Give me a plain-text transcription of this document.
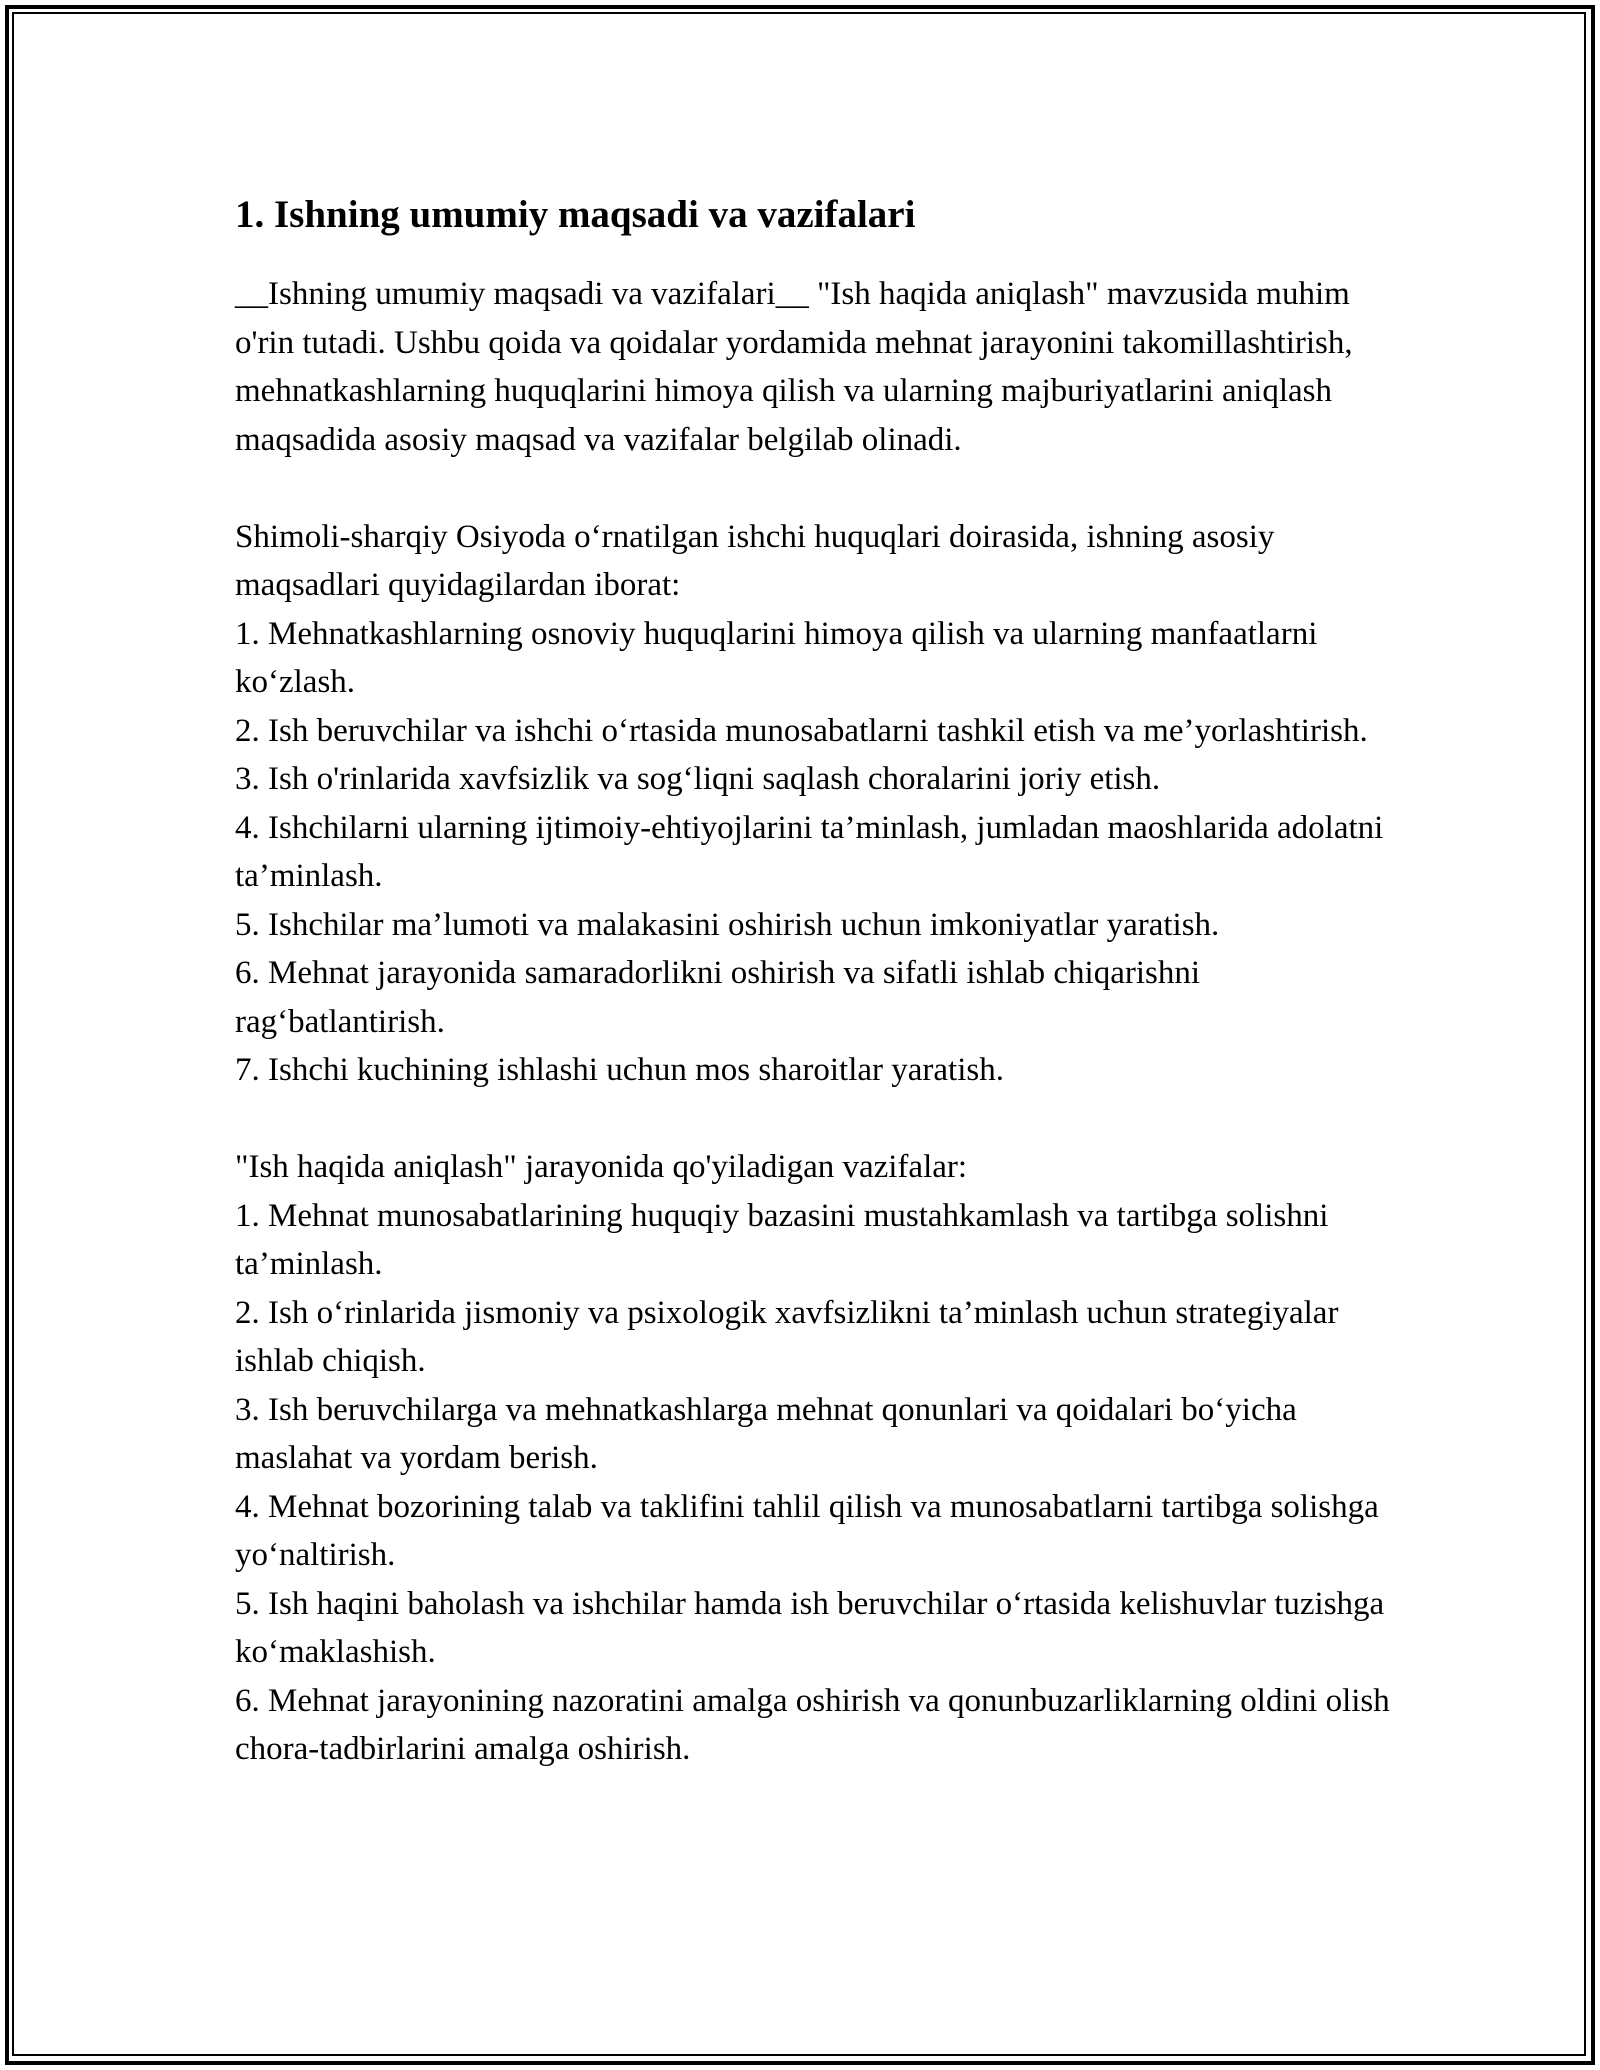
1. Ishning umumiy maqsadi va vazifalari

__Ishning umumiy maqsadi va vazifalari__ "Ish haqida aniqlash" mavzusida muhim o'rin tutadi. Ushbu qoida va qoidalar yordamida mehnat jarayonini takomillashtirish, mehnatkashlarning huquqlarini himoya qilish va ularning majburiyatlarini aniqlash maqsadida asosiy maqsad va vazifalar belgilab olinadi.

Shimoli-sharqiy Osiyoda oʻrnatilgan ishchi huquqlari doirasida, ishning asosiy maqsadlari quyidagilardan iborat:

1. Mehnatkashlarning osnoviy huquqlarini himoya qilish va ularning manfaatlarni koʻzlash.

2. Ish beruvchilar va ishchi oʻrtasida munosabatlarni tashkil etish va me’yorlashtirish.

3. Ish o'rinlarida xavfsizlik va sogʻliqni saqlash choralarini joriy etish.

4. Ishchilarni ularning ijtimoiy-ehtiyojlarini ta’minlash, jumladan maoshlarida adolatni ta’minlash.

5. Ishchilar ma’lumoti va malakasini oshirish uchun imkoniyatlar yaratish.

6. Mehnat jarayonida samaradorlikni oshirish va sifatli ishlab chiqarishni ragʻbatlantirish.

7. Ishchi kuchining ishlashi uchun mos sharoitlar yaratish.

"Ish haqida aniqlash" jarayonida qo'yiladigan vazifalar:

1. Mehnat munosabatlarining huquqiy bazasini mustahkamlash va tartibga solishni ta’minlash.

2. Ish oʻrinlarida jismoniy va psixologik xavfsizlikni ta’minlash uchun strategiyalar ishlab chiqish.

3. Ish beruvchilarga va mehnatkashlarga mehnat qonunlari va qoidalari boʻyicha maslahat va yordam berish.

4. Mehnat bozorining talab va taklifini tahlil qilish va munosabatlarni tartibga solishga yoʻnaltirish.

5. Ish haqini baholash va ishchilar hamda ish beruvchilar oʻrtasida kelishuvlar tuzishga koʻmaklashish.

6. Mehnat jarayonining nazoratini amalga oshirish va qonunbuzarliklarning oldini olish chora-tadbirlarini amalga oshirish.
